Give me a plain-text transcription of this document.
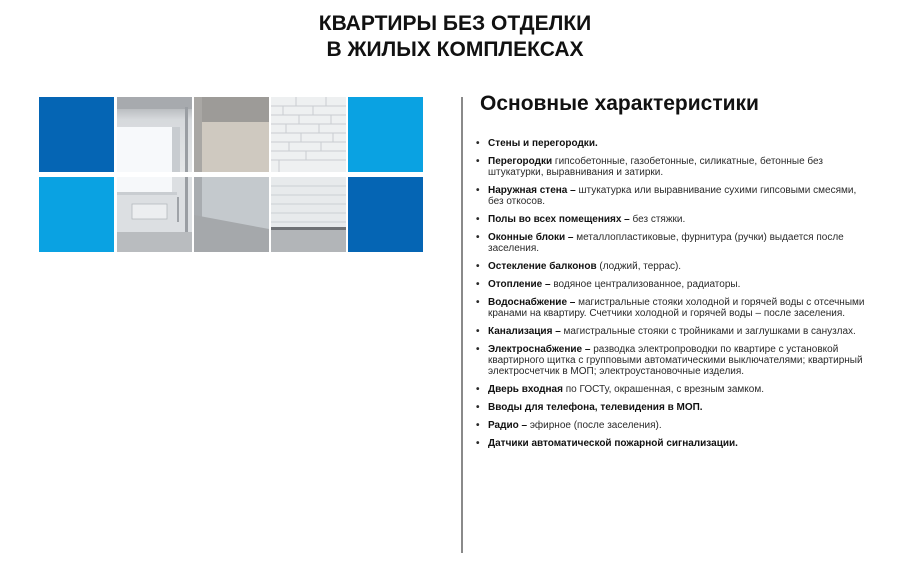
КВАРТИРЫ БЕЗ ОТДЕЛКИ
В ЖИЛЫХ КОМПЛЕКСАХ
Основные характеристики
• Стены и перегородки.
• Перегородки гипсобетонные, газобетонные, силикатные, бетонные без штукатурки, выравнивания и затирки.
• Наружная стена – штукатурка или выравнивание сухими гипсовыми смесями, без откосов.
• Полы во всех помещениях – без стяжки.
• Оконные блоки – металлопластиковые, фурнитура (ручки) выдается после заселения.
• Остекление балконов (лоджий, террас).
• Отопление – водяное централизованное, радиаторы.
• Водоснабжение – магистральные стояки холодной и горячей воды с отсечными кранами на квартиру. Счетчики холодной и горячей воды – после заселения.
• Канализация – магистральные стояки с тройниками и заглушками в санузлах.
• Электроснабжение – разводка электропроводки по квартире с установкой квартирного щитка с групповыми автоматическими выключателями; квартирный электросчетчик в МОП; электроустановочные изделия.
• Дверь входная по ГОСТу, окрашенная, с врезным замком.
• Вводы для телефона, телевидения в МОП.
• Радио – эфирное (после заселения).
• Датчики автоматической пожарной сигнализации.
